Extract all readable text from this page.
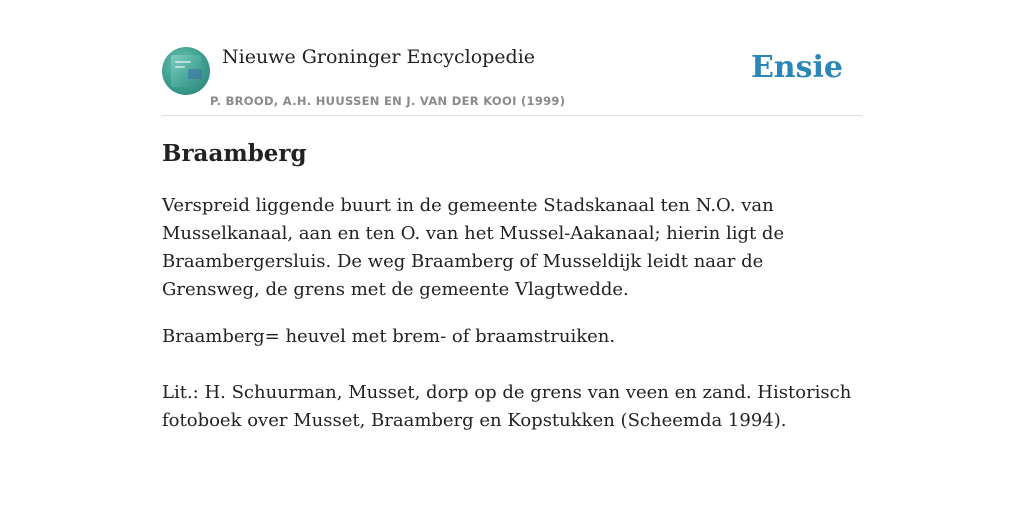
Nieuwe Groninger Encyclopedie
P. BROOD, A.H. HUUSSEN EN J. VAN DER KOOI (1999)
Ensie
Braamberg

Verspreid liggende buurt in de gemeente Stadskanaal ten N.O. van Musselkanaal, aan en ten O. van het Mussel-Aakanaal; hierin ligt de Braambergersluis. De weg Braamberg of Musseldijk leidt naar de Grensweg, de grens met de gemeente Vlagtwedde.

Braamberg= heuvel met brem- of braamstruiken.

Lit.: H. Schuurman, Musset, dorp op de grens van veen en zand. Historisch fotoboek over Musset, Braamberg en Kopstukken (Scheemda 1994).
